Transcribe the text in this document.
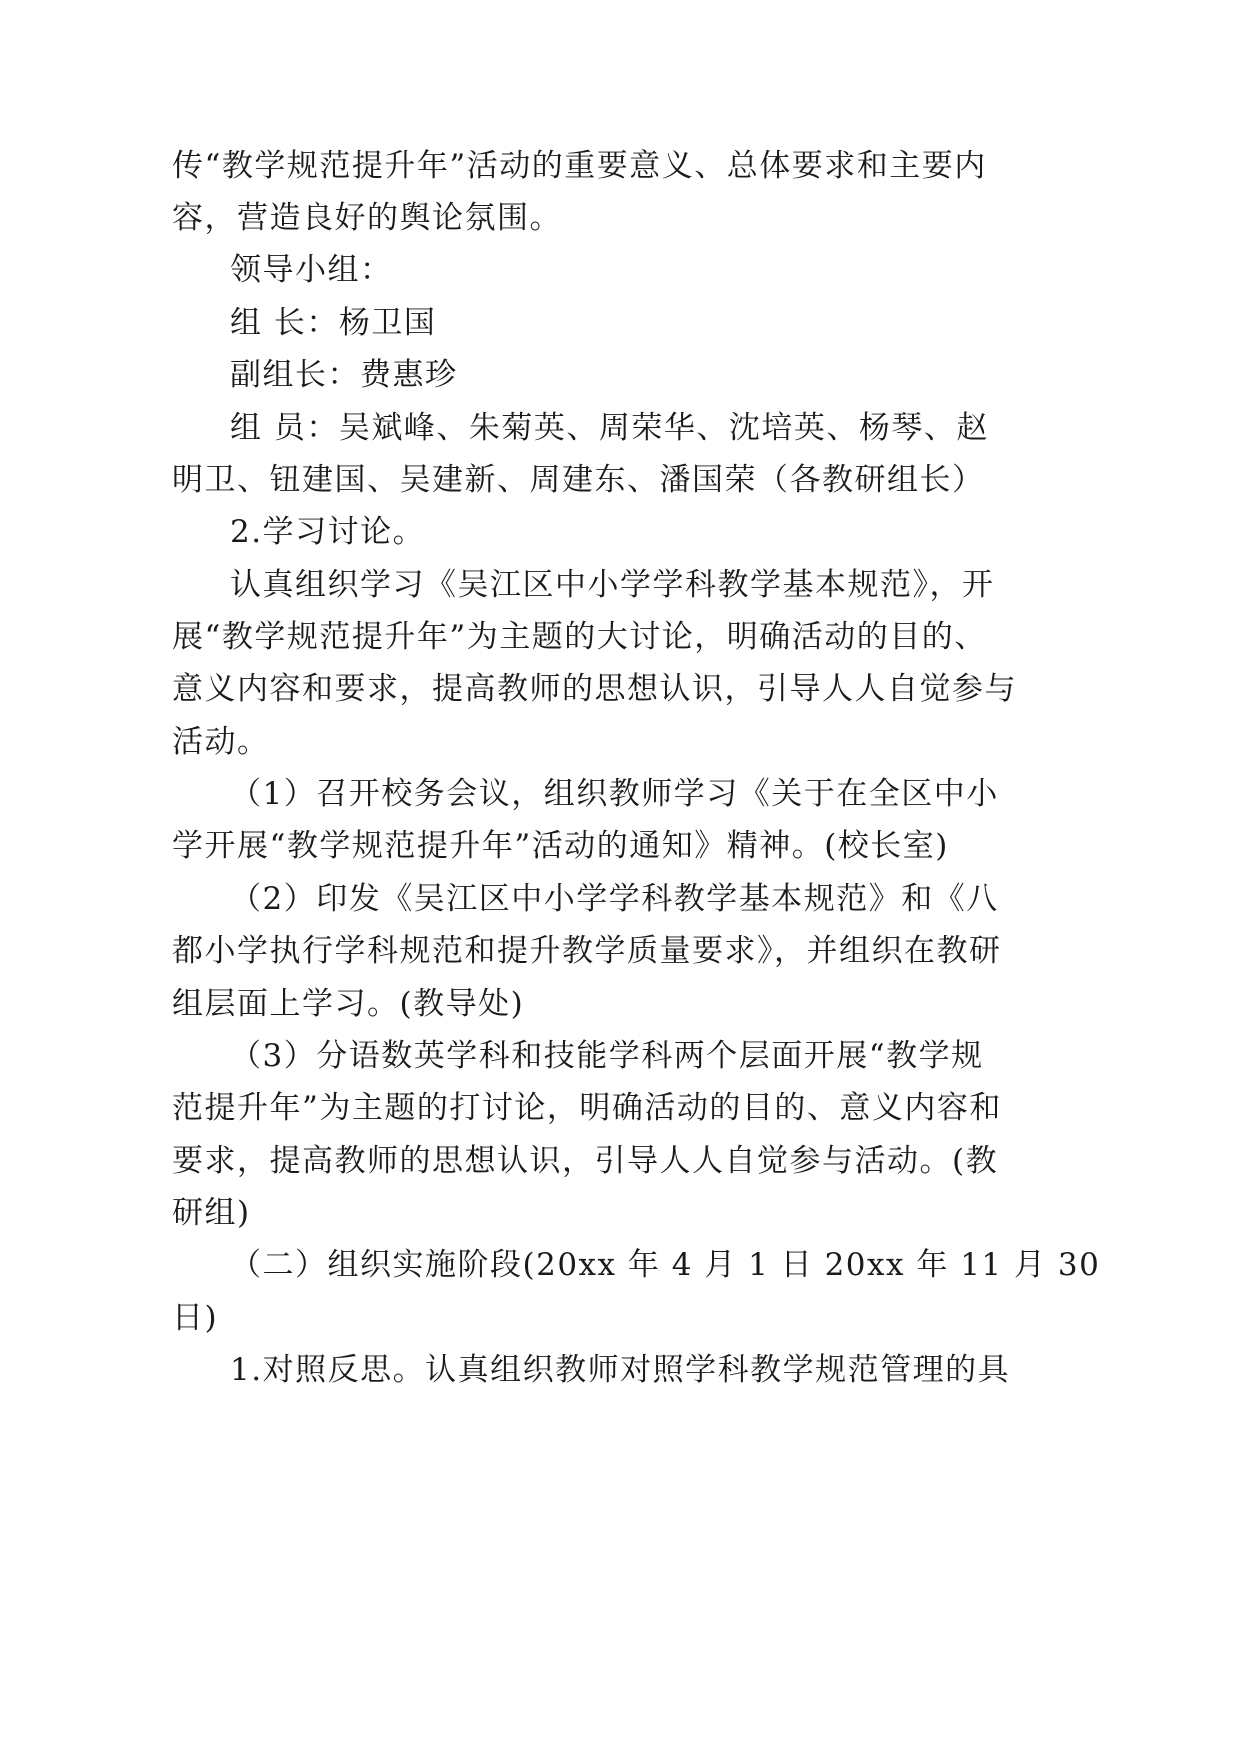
传“教学规范提升年”活动的重要意义、总体要求和主要内
容，营造良好的舆论氛围。
领导小组：
组 长：杨卫国
副组长：费惠珍
组 员：吴斌峰、朱菊英、周荣华、沈培英、杨琴、赵
明卫、钮建国、吴建新、周建东、潘国荣（各教研组长）
2.学习讨论。
认真组织学习《吴江区中小学学科教学基本规范》，开
展“教学规范提升年”为主题的大讨论，明确活动的目的、
意义内容和要求，提高教师的思想认识，引导人人自觉参与
活动。
（1）召开校务会议，组织教师学习《关于在全区中小
学开展“教学规范提升年”活动的通知》精神。(校长室)
（2）印发《吴江区中小学学科教学基本规范》和《八
都小学执行学科规范和提升教学质量要求》，并组织在教研
组层面上学习。(教导处)
（3）分语数英学科和技能学科两个层面开展“教学规
范提升年”为主题的打讨论，明确活动的目的、意义内容和
要求，提高教师的思想认识，引导人人自觉参与活动。(教
研组)
（二）组织实施阶段(20xx 年 4 月 1 日 20xx 年 11 月 30
日)
1.对照反思。认真组织教师对照学科教学规范管理的具
